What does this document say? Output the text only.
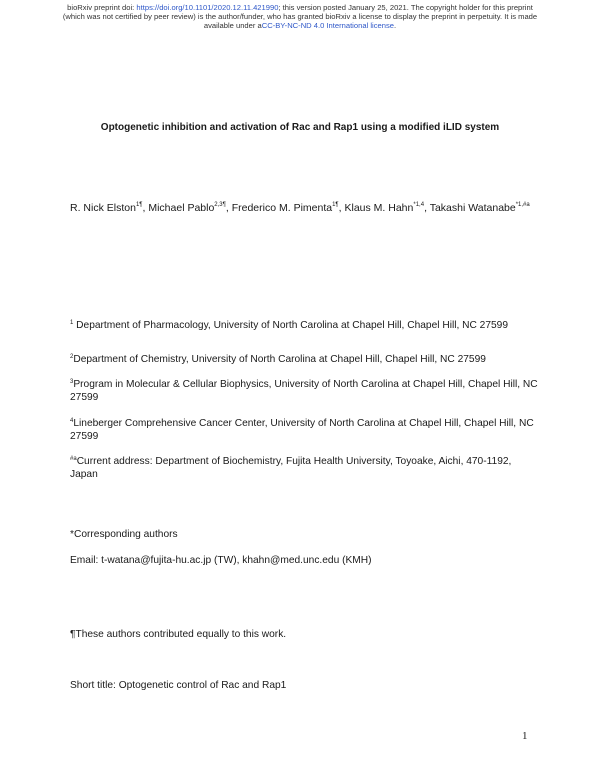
bioRxiv preprint doi: https://doi.org/10.1101/2020.12.11.421990; this version posted January 25, 2021. The copyright holder for this preprint
(which was not certified by peer review) is the author/funder, who has granted bioRxiv a license to display the preprint in perpetuity. It is made
available under aCC-BY-NC-ND 4.0 International license.
Optogenetic inhibition and activation of Rac and Rap1 using a modified iLID system
R. Nick Elston$^{1\P}$, Michael Pablo$^{2,3\P}$, Frederico M. Pimenta$^{1\P}$, Klaus M. Hahn$^{*1,4}$, Takashi Watanabe$^{*1,\#a}$
$^1$ Department of Pharmacology, University of North Carolina at Chapel Hill, Chapel Hill, NC 27599
$^2$Department of Chemistry, University of North Carolina at Chapel Hill, Chapel Hill, NC 27599
$^3$Program in Molecular & Cellular Biophysics, University of North Carolina at Chapel Hill, Chapel Hill, NC 27599
$^4$Lineberger Comprehensive Cancer Center, University of North Carolina at Chapel Hill, Chapel Hill, NC 27599
$^{\#a}$Current address: Department of Biochemistry, Fujita Health University, Toyoake, Aichi, 470-1192, Japan
*Corresponding authors
Email: t-watana@fujita-hu.ac.jp (TW), khahn@med.unc.edu (KMH)
¶These authors contributed equally to this work.
Short title: Optogenetic control of Rac and Rap1
1
